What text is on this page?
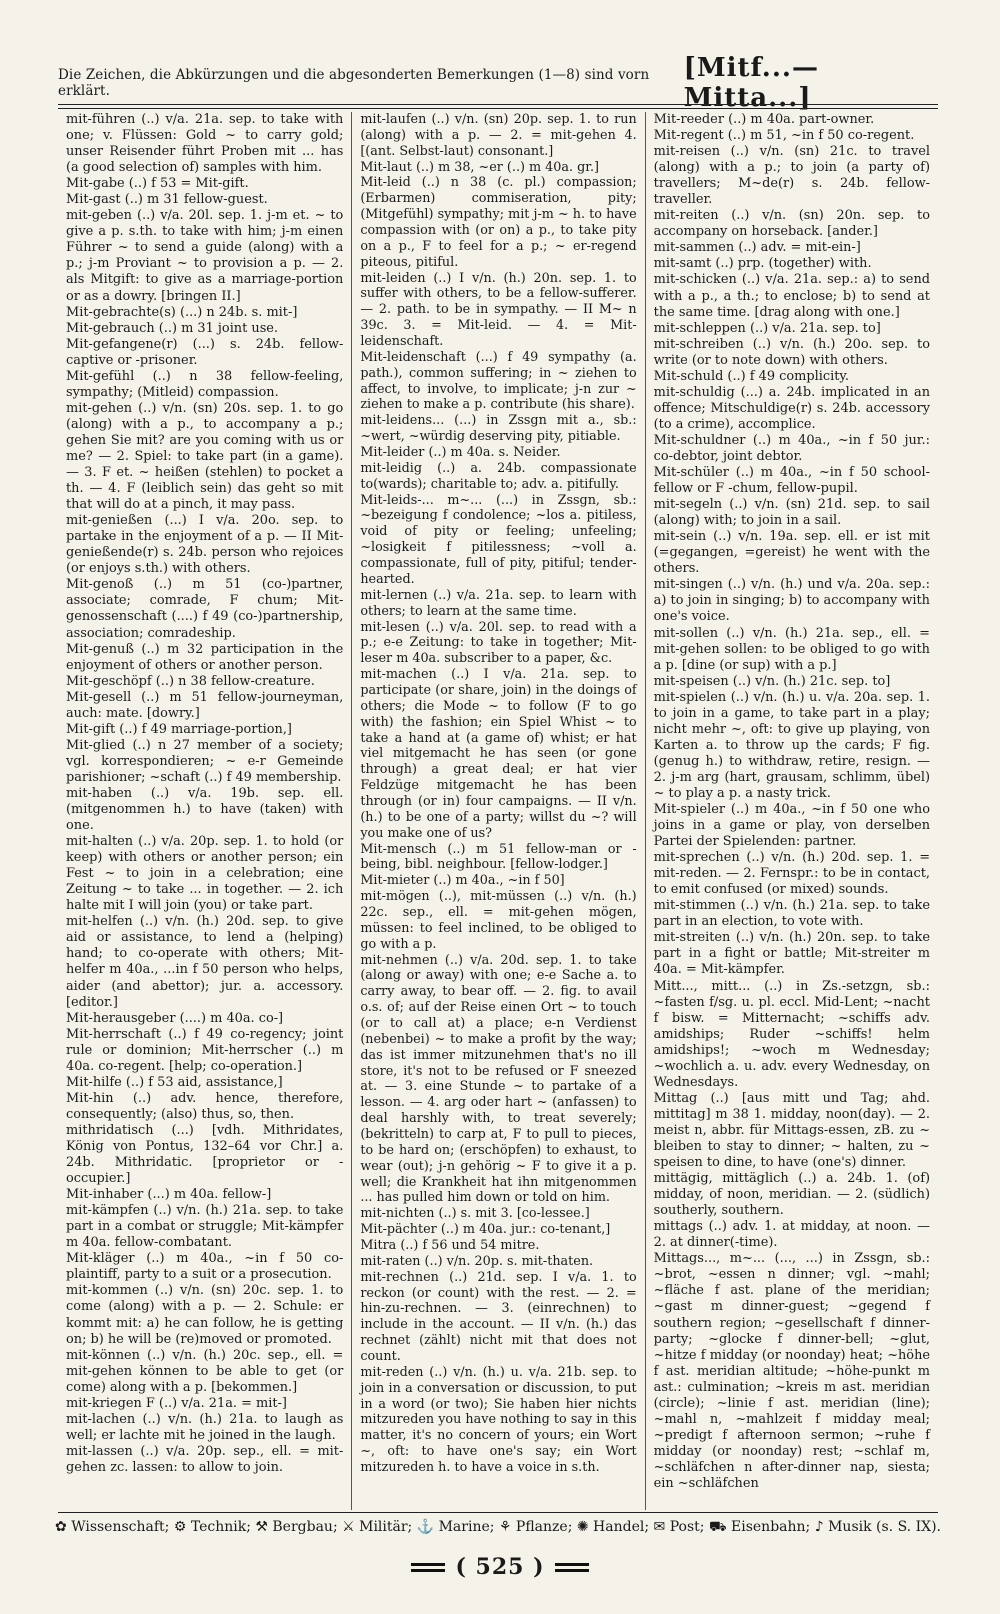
Die Zeichen, die Abkürzungen und die abgesonderten Bemerkungen (1—8) sind vorn erklärt.
[Mitf...—Mitta...]

mit-führen (..) v/a. 21a. sep. to take with one; v. Flüssen: Gold ~ to carry gold; unser Reisender führt Proben mit ... has (a good selection of) samples with him.

Mit-gabe (..) f 53 = Mit-gift.

Mit-gast (..) m 31 fellow-guest.

mit-geben (..) v/a. 20l. sep. 1. j-m et. ~ to give a p. s.th. to take with him; j-m einen Führer ~ to send a guide (along) with a p.; j-m Proviant ~ to provision a p. — 2. als Mitgift: to give as a marriage-portion or as a dowry. [bringen II.]

Mit-gebrachte(s) (...) n 24b. s. mit-]

Mit-gebrauch (..) m 31 joint use.

Mit-gefangene(r) (...) s. 24b. fellow-captive or -prisoner.

Mit-gefühl (..) n 38 fellow-feeling, sympathy; (Mitleid) compassion.

mit-gehen (..) v/n. (sn) 20s. sep. 1. to go (along) with a p., to accompany a p.; gehen Sie mit? are you coming with us or me? — 2. Spiel: to take part (in a game). — 3. F et. ~ heißen (stehlen) to pocket a th. — 4. F (leiblich sein) das geht so mit that will do at a pinch, it may pass.

mit-genießen (...) I v/a. 20o. sep. to partake in the enjoyment of a p. — II Mit-genießende(r) s. 24b. person who rejoices (or enjoys s.th.) with others.

Mit-genoß (..) m 51 (co-)partner, associate; comrade, F chum; Mit-genossenschaft (....) f 49 (co-)partnership, association; comradeship.

Mit-genuß (..) m 32 participation in the enjoyment of others or another person.

Mit-geschöpf (..) n 38 fellow-creature.

Mit-gesell (..) m 51 fellow-journeyman, auch: mate. [dowry.]

Mit-gift (..) f 49 marriage-portion,]

Mit-glied (..) n 27 member of a society; vgl. korrespondieren; ~ e-r Gemeinde parishioner; ~schaft (..) f 49 membership.

mit-haben (..) v/a. 19b. sep. ell. (mitgenommen h.) to have (taken) with one.

mit-halten (..) v/a. 20p. sep. 1. to hold (or keep) with others or another person; ein Fest ~ to join in a celebration; eine Zeitung ~ to take ... in together. — 2. ich halte mit I will join (you) or take part.

mit-helfen (..) v/n. (h.) 20d. sep. to give aid or assistance, to lend a (helping) hand; to co-operate with others; Mit-helfer m 40a., ...in f 50 person who helps, aider (and abettor); jur. a. accessory. [editor.]

Mit-herausgeber (....) m 40a. co-]

Mit-herrschaft (..) f 49 co-regency; joint rule or dominion; Mit-herrscher (..) m 40a. co-regent. [help; co-operation.]

Mit-hilfe (..) f 53 aid, assistance,]

Mit-hin (..) adv. hence, therefore, consequently; (also) thus, so, then.

mithridatisch (...) [vdh. Mithridates, König von Pontus, 132–64 vor Chr.] a. 24b. Mithridatic. [proprietor or -occupier.]

Mit-inhaber (...) m 40a. fellow-]

mit-kämpfen (..) v/n. (h.) 21a. sep. to take part in a combat or struggle; Mit-kämpfer m 40a. fellow-combatant.

Mit-kläger (..) m 40a., ~in f 50 co-plaintiff, party to a suit or a prosecution.

mit-kommen (..) v/n. (sn) 20c. sep. 1. to come (along) with a p. — 2. Schule: er kommt mit: a) he can follow, he is getting on; b) he will be (re)moved or promoted.

mit-können (..) v/n. (h.) 20c. sep., ell. = mit-gehen können to be able to get (or come) along with a p. [bekommen.]

mit-kriegen F (..) v/a. 21a. = mit-]

mit-lachen (..) v/n. (h.) 21a. to laugh as well; er lachte mit he joined in the laugh.

mit-lassen (..) v/a. 20p. sep., ell. = mit-gehen zc. lassen: to allow to join.

mit-laufen (..) v/n. (sn) 20p. sep. 1. to run (along) with a p. — 2. = mit-gehen 4. [(ant. Selbst-laut) consonant.]

Mit-laut (..) m 38, ~er (..) m 40a. gr.]

Mit-leid (..) n 38 (c. pl.) compassion; (Erbarmen) commiseration, pity; (Mitgefühl) sympathy; mit j-m ~ h. to have compassion with (or on) a p., to take pity on a p., F to feel for a p.; ~ er-regend piteous, pitiful.

mit-leiden (..) I v/n. (h.) 20n. sep. 1. to suffer with others, to be a fellow-sufferer. — 2. path. to be in sympathy. — II M~ n 39c. 3. = Mit-leid. — 4. = Mit-leidenschaft.

Mit-leidenschaft (...) f 49 sympathy (a. path.), common suffering; in ~ ziehen to affect, to involve, to implicate; j-n zur ~ ziehen to make a p. contribute (his share).

mit-leidens... (...) in Zssgn mit a., sb.: ~wert, ~würdig deserving pity, pitiable.

Mit-leider (..) m 40a. s. Neider.

mit-leidig (..) a. 24b. compassionate to(wards); charitable to; adv. a. pitifully.

Mit-leids-... m~... (...) in Zssgn, sb.: ~bezeigung f condolence; ~los a. pitiless, void of pity or feeling; unfeeling; ~losigkeit f pitilessness; ~voll a. compassionate, full of pity, pitiful; tender-hearted.

mit-lernen (..) v/a. 21a. sep. to learn with others; to learn at the same time.

mit-lesen (..) v/a. 20l. sep. to read with a p.; e-e Zeitung: to take in together; Mit-leser m 40a. subscriber to a paper, &c.

mit-machen (..) I v/a. 21a. sep. to participate (or share, join) in the doings of others; die Mode ~ to follow (F to go with) the fashion; ein Spiel Whist ~ to take a hand at (a game of) whist; er hat viel mitgemacht he has seen (or gone through) a great deal; er hat vier Feldzüge mitgemacht he has been through (or in) four campaigns. — II v/n. (h.) to be one of a party; willst du ~? will you make one of us?

Mit-mensch (..) m 51 fellow-man or -being, bibl. neighbour. [fellow-lodger.]

Mit-mieter (..) m 40a., ~in f 50]

mit-mögen (..), mit-müssen (..) v/n. (h.) 22c. sep., ell. = mit-gehen mögen, müssen: to feel inclined, to be obliged to go with a p.

mit-nehmen (..) v/a. 20d. sep. 1. to take (along or away) with one; e-e Sache a. to carry away, to bear off. — 2. fig. to avail o.s. of; auf der Reise einen Ort ~ to touch (or to call at) a place; e-n Verdienst (nebenbei) ~ to make a profit by the way; das ist immer mitzunehmen that's no ill store, it's not to be refused or F sneezed at. — 3. eine Stunde ~ to partake of a lesson. — 4. arg oder hart ~ (anfassen) to deal harshly with, to treat severely; (bekritteln) to carp at, F to pull to pieces, to be hard on; (erschöpfen) to exhaust, to wear (out); j-n gehörig ~ F to give it a p. well; die Krankheit hat ihn mitgenommen ... has pulled him down or told on him.

mit-nichten (..) s. mit 3. [co-lessee.]

Mit-pächter (..) m 40a. jur.: co-tenant,]

Mitra (..) f 56 und 54 mitre.

mit-raten (..) v/n. 20p. s. mit-thaten.

mit-rechnen (..) 21d. sep. I v/a. 1. to reckon (or count) with the rest. — 2. = hin-zu-rechnen. — 3. (einrechnen) to include in the account. — II v/n. (h.) das rechnet (zählt) nicht mit that does not count.

mit-reden (..) v/n. (h.) u. v/a. 21b. sep. to join in a conversation or discussion, to put in a word (or two); Sie haben hier nichts mitzureden you have nothing to say in this matter, it's no concern of yours; ein Wort ~, oft: to have one's say; ein Wort mitzureden h. to have a voice in s.th.

Mit-reeder (..) m 40a. part-owner.

Mit-regent (..) m 51, ~in f 50 co-regent.

mit-reisen (..) v/n. (sn) 21c. to travel (along) with a p.; to join (a party of) travellers; M~de(r) s. 24b. fellow-traveller.

mit-reiten (..) v/n. (sn) 20n. sep. to accompany on horseback. [ander.]

mit-sammen (..) adv. = mit-ein-]

mit-samt (..) prp. (together) with.

mit-schicken (..) v/a. 21a. sep.: a) to send with a p., a th.; to enclose; b) to send at the same time. [drag along with one.]

mit-schleppen (..) v/a. 21a. sep. to]

mit-schreiben (..) v/n. (h.) 20o. sep. to write (or to note down) with others.

Mit-schuld (..) f 49 complicity.

mit-schuldig (...) a. 24b. implicated in an offence; Mitschuldige(r) s. 24b. accessory (to a crime), accomplice.

Mit-schuldner (..) m 40a., ~in f 50 jur.: co-debtor, joint debtor.

Mit-schüler (..) m 40a., ~in f 50 school-fellow or F -chum, fellow-pupil.

mit-segeln (..) v/n. (sn) 21d. sep. to sail (along) with; to join in a sail.

mit-sein (..) v/n. 19a. sep. ell. er ist mit (=gegangen, =gereist) he went with the others.

mit-singen (..) v/n. (h.) und v/a. 20a. sep.: a) to join in singing; b) to accompany with one's voice.

mit-sollen (..) v/n. (h.) 21a. sep., ell. = mit-gehen sollen: to be obliged to go with a p. [dine (or sup) with a p.]

mit-speisen (..) v/n. (h.) 21c. sep. to]

mit-spielen (..) v/n. (h.) u. v/a. 20a. sep. 1. to join in a game, to take part in a play; nicht mehr ~, oft: to give up playing, von Karten a. to throw up the cards; F fig. (genug h.) to withdraw, retire, resign. — 2. j-m arg (hart, grausam, schlimm, übel) ~ to play a p. a nasty trick.

Mit-spieler (..) m 40a., ~in f 50 one who joins in a game or play, von derselben Partei der Spielenden: partner.

mit-sprechen (..) v/n. (h.) 20d. sep. 1. = mit-reden. — 2. Fernspr.: to be in contact, to emit confused (or mixed) sounds.

mit-stimmen (..) v/n. (h.) 21a. sep. to take part in an election, to vote with.

mit-streiten (..) v/n. (h.) 20n. sep. to take part in a fight or battle; Mit-streiter m 40a. = Mit-kämpfer.

Mitt..., mitt... (..) in Zs.-setzgn, sb.: ~fasten f/sg. u. pl. eccl. Mid-Lent; ~nacht f bisw. = Mitternacht; ~schiffs adv. amidships; Ruder ~schiffs! helm amidships!; ~woch m Wednesday; ~wochlich a. u. adv. every Wednesday, on Wednesdays.

Mittag (..) [aus mitt und Tag; ahd. mittitag] m 38 1. midday, noon(day). — 2. meist n, abbr. für Mittags-essen, zB. zu ~ bleiben to stay to dinner; ~ halten, zu ~ speisen to dine, to have (one's) dinner.

mittägig, mittäglich (..) a. 24b. 1. (of) midday, of noon, meridian. — 2. (südlich) southerly, southern.

mittags (..) adv. 1. at midday, at noon. — 2. at dinner(-time).

Mittags..., m~... (..., ...) in Zssgn, sb.: ~brot, ~essen n dinner; vgl. ~mahl; ~fläche f ast. plane of the meridian; ~gast m dinner-guest; ~gegend f southern region; ~gesellschaft f dinner-party; ~glocke f dinner-bell; ~glut, ~hitze f midday (or noonday) heat; ~höhe f ast. meridian altitude; ~höhe-punkt m ast.: culmination; ~kreis m ast. meridian (circle); ~linie f ast. meridian (line); ~mahl n, ~mahlzeit f midday meal; ~predigt f afternoon sermon; ~ruhe f midday (or noonday) rest; ~schlaf m, ~schläfchen n after-dinner nap, siesta; ein ~schläfchen

✿ Wissenschaft; ⚙ Technik; ⚒ Bergbau; ⚔ Militär; ⚓ Marine; ⚘ Pflanze; ✺ Handel; ✉ Post; ⛟ Eisenbahn; ♪ Musik (s. S. IX).
( 525 )
